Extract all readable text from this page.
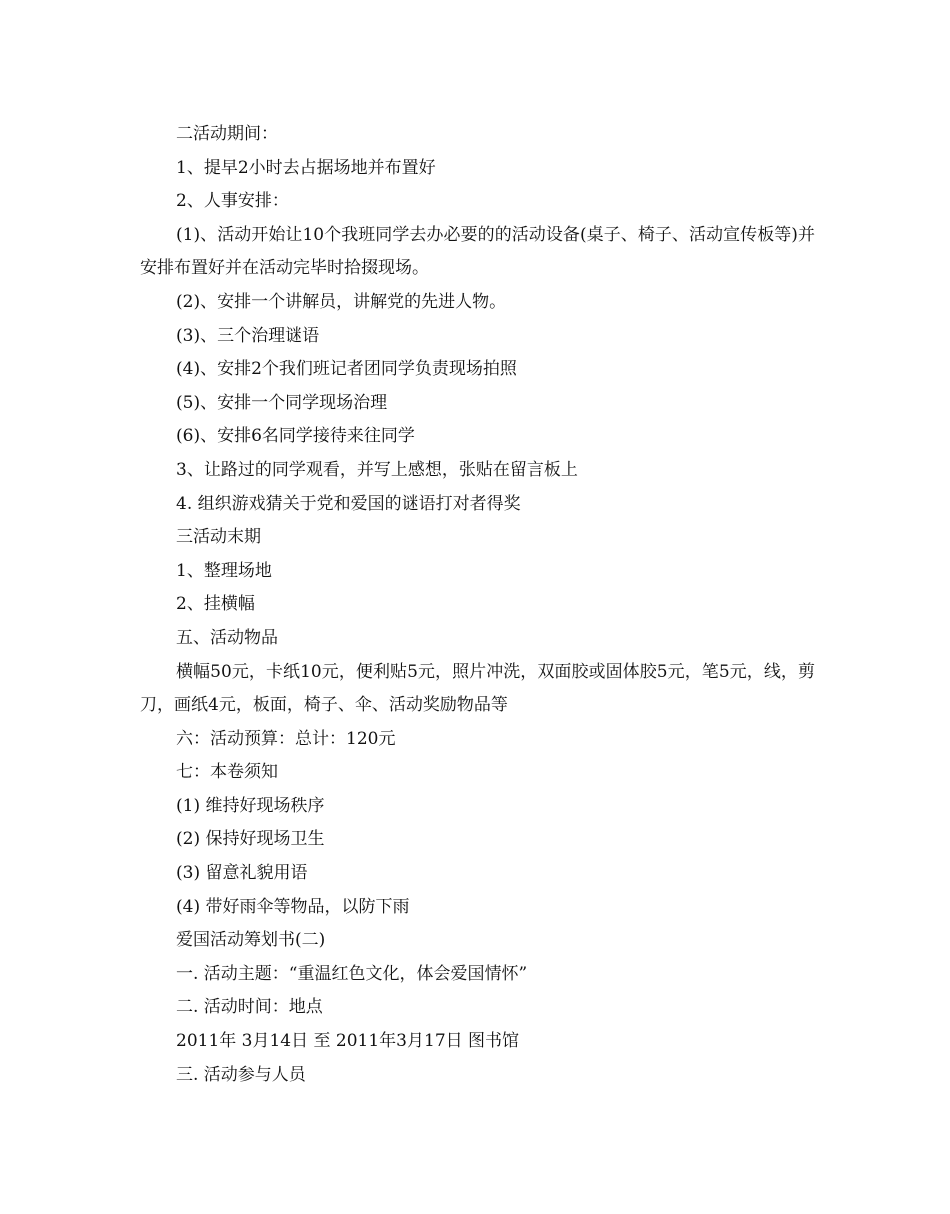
二活动期间：
1、提早2小时去占据场地并布置好
2、人事安排：
(1)、活动开始让10个我班同学去办必要的的活动设备(桌子、椅子、活动宣传板等)并安排布置好并在活动完毕时拾掇现场。
(2)、安排一个讲解员，讲解党的先进人物。
(3)、三个治理谜语
(4)、安排2个我们班记者团同学负责现场拍照
(5)、安排一个同学现场治理
(6)、安排6名同学接待来往同学
3、让路过的同学观看，并写上感想，张贴在留言板上
4. 组织游戏猜关于党和爱国的谜语打对者得奖
三活动末期
1、整理场地
2、挂横幅
五、活动物品
横幅50元，卡纸10元，便利贴5元，照片冲洗，双面胶或固体胶5元，笔5元，线，剪刀，画纸4元，板面，椅子、伞、活动奖励物品等
六：活动预算：总计：120元
七：本卷须知
(1) 维持好现场秩序
(2) 保持好现场卫生
(3) 留意礼貌用语
(4) 带好雨伞等物品，以防下雨
爱国活动筹划书(二)
一. 活动主题：“重温红色文化，体会爱国情怀”
二. 活动时间：地点
2011年 3月14日 至 2011年3月17日 图书馆
三. 活动参与人员
